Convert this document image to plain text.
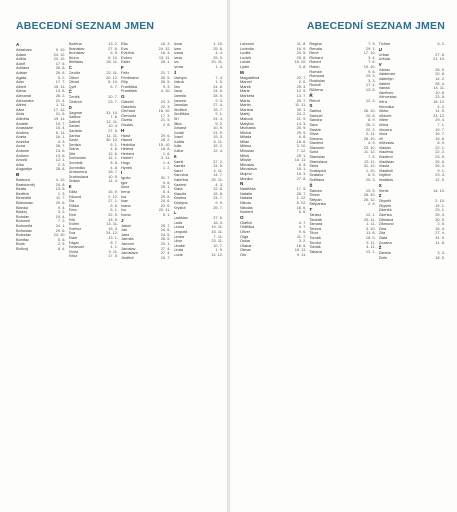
ABECEDNÍ SEZNAM JMEN
A
Abraham	9. 10.
Adam	24. 12.
Adéla	23. 12.
Adolf	17. 6.
Adriana	26. 8.
Adrian	26. 8.
Agáta	5. 2.
Alan	17. 7.
Albert	15. 11.
Alena	13. 8.
Alexandr	26. 2.
Alexandra	21. 4.
Alfréd	1. 11.
Alice	17. 12.
Alois	21. 6.
Alžběta	19. 11.
Amálie	10. 7.
Anastázie	15. 4.
Andrea	6. 11.
Aneta	16. 1.
Anežka	4. 3.
Anna	26. 7.
Antonie	13. 6.
Antonín	13. 6.
Arnošt	12. 1.
Artur	2. 3.
Augustýn	28. 8.
B
Barbora	4. 12.
Bartoloměj	24. 8.
Beáta	13. 5.
Bedřich	1. 3.
Benedikt	11. 7.
Blahoslav	29. 6.
Blanka	9. 4.
Blažej	3. 2.
Bohdan	19. 4.
Bohumil	7. 2.
Bohumila	24. 1.
Bohuslav	29. 6.
Boleslav	24. 10.
Bonifác	5. 6.
Boris	2. 5.
Bořivoj	8. 4.
Božena	13. 2.
Branislav	27. 6.
Bronislav	6. 9.
Bruno	6. 10.
Břetislav	28. 11.
C
Cecílie	22. 11.
Ctibor	20. 12.
Ctirad	8. 10.
Cyril	5. 7.
Č
Čeněk	20. 7.
Čestmír	23. 7.
D
Dagmar	31. 10.
Dalibor	7. 6.
Dalimil	12. 11.
Daniel	10. 4.
Daniela	27. 5.
Darina	11. 11.
David	30. 12.
Denisa	6. 1.
Diana	4. 8.
Dita	12. 6.
Dobroslav	14. 1.
Dominik	8. 8.
Dominika	4. 8.
Drahomíra	18. 7.
Drahoslava	10. 9.
Dušan	11. 4.
E
Edita	16. 9.
Eduard	2. 12.
Ela	27. 1.
Eliška	5. 6.
Ema	6. 1.
Emil	22. 5.
Erik	18. 5.
Evžen	13. 11.
Evelína	16. 3.
Eva	24. 12.
Ester	13. 1.
Edgar	8. 7.
Emanuel	1. 1.
Elvíra	9. 11.
Erika	17. 5.
Ella	16. 3.
Eva	24. 12.
Evelína	16. 3.
Evžen	13. 11.
Ester	26. 1.
F
Felix	21. 7.
Ferdinand	30. 5.
Filip	26. 5.
Františka	9. 3.
František	4. 10.
G
Gabriel	24. 3.
Gabriela	22. 3.
Gerhard	16. 10.
Gertruda	17. 3.
Gizela	21. 5.
Gustav	2. 8.
H
Hana	29. 6.
Hanuš	28. 2.
Hedvika	15. 10.
Helena	18. 8.
Herbert	1. 6.
Hubert	3. 11.
Hugo	1. 4.
Hynek	1. 2.
I
Ignác	31. 7.
Igor	5. 6.
Ilona	25. 1.
Irena	5. 4.
Iva	29. 8.
Ivan	24. 6.
Ivana	22. 6.
Ivo	20. 11.
Ivona	5. 1.
J
Jakub	25. 7.
Jan	24. 6.
Jana	24. 5.
Jarmila	28. 5.
Jaromír	20. 1.
Jaroslav	27. 4.
Jaroslava	27. 4.
Jindřich	15. 7.
Ilona	1. 10.
Ivan	25. 6.
Ivana	4. 4.
Iveta	25. 3.
Ivo	20. 11.
Ivona	1. 4.
J
Jáchym	7. 4.
Jakub	1. 5.
Jan	24. 6.
Jana	24. 5.
Jarmila	28. 5.
Jaromír	9. 3.
Jaroslav	27. 4.
Jindřich	15. 7.
Jindřiška	9. 1.
Jiří	24. 4.
Jitka	5. 2.
Johana	10. 9.
Jonáš	21. 9.
Josef	19. 3.
Judita	6. 11.
Julie	15. 2.
Julius	12. 4.
K
Kamil	27. 2.
Kamila	31. 5.
Karel	4. 11.
Karolína	14. 7.
Kateřina	25. 11.
Kazimír	4. 3.
Klára	12. 8.
Klaudie	15. 8.
Kristina	24. 7.
Kristýna	9. 9.
Kryštof	25. 7.
L
Ladislav	27. 6.
Lada	16. 3.
Leona	19. 11.
Leopold	15. 11.
Lenka	7. 11.
Libor	23. 11.
Libuše	10. 7.
Linda	1. 9.
Lucie	13. 12.
ABECEDNÍ SEZNAM JMEN
Lubomír	11. 8.
Ludmila	16. 9.
Luděk	24. 5.
Ludvík	25. 8.
Lukáš	18. 10.
Lýdie	3. 8.
M
Magdaléna	22. 7.
Marcel	2. 6.
Marek	25. 4.
Marie	12. 9.
Markéta	13. 7.
Marta	29. 7.
Martin	11. 11.
Martina	30. 1.
Matěj	24. 2.
Matouš	21. 9.
Matylda	14. 3.
Michaela	20. 9.
Michal	29. 9.
Milada	6. 8.
Milan	18. 6.
Milena	3. 10.
Miloslav	7. 12.
Miloš	25. 1.
Miluše	14. 11.
Miroslav	6. 3.
Miroslava	18. 1.
Mojmír	15. 3.
Monika	27. 8.
N
Naděžda	17. 9.
Natálie	28. 7.
Nataša	1. 12.
Nikola	6. 12.
Nikolas	16. 6.
Norbert	6. 6.
O
Oldřich	4. 7.
Oldřiška	4. 7.
Oliver	9. 6.
Olga	11. 7.
Oskar	3. 2.
Otakar	16. 5.
Otmar	16. 11.
Oto	9. 11.
Regina	7. 9.
Renata	29. 1.
René	17. 10.
Richard	3. 4.
Robert	7. 6.
Robin	19. 10.
Roman	9. 8.
Romana	29. 3.
Rostislav	3. 3.
Rudolf	17. 4.
Růžena	13. 8.
Ř
Řehoř	12. 3.
S
Sabina	26. 10.
Samuel	20. 8.
Sandra	8. 9.
Sára	26. 2.
Saskie	22. 2.
Silvie	5. 11.
Simona	28. 10.
Slavěna	4. 9.
Slavomír	23. 10.
Soňa	11. 12.
Stanislav	7. 5.
Stanislava	13. 11.
Stela	31. 12.
Svatopluk	1. 10.
Svatava	6. 5.
Světlana	20. 3.
Š
Šarlota	13. 5.
Šimon	28. 10.
Štěpán	26. 12.
Štěpánka	2. 9.
T
Taťána	12. 1.
Tadeáš	26. 11.
Tamara	1. 11.
Tereza	3. 10.
Tibor	11. 8.
Tomáš	18. 9.
Teodor	9. 11.
Tobiáš	4. 11.
Tatiana	12. 1.
Tichon	5. 2.
U
Urban	27. 6.
Uršula	21. 10.
V
Václav	28. 9.
Valdemar	20. 8.
Valentýn	14. 2.
Valérie	28. 4.
Vanda	14. 11.
Vavřinec	10. 8.
Věnceslav	23. 8.
Věra	18. 12.
Veronika	4. 2.
Viktor	11. 9.
Viktorie	23. 12.
Vilém	29. 4.
Vilma	7. 1.
Vincenc	19. 7.
Viola	16. 7.
Vít	15. 6.
Vítězslav	8. 9.
Vladan	22. 1.
Vladěna	22. 2.
Vladimír	23. 5.
Vladislav	25. 6.
Vlasta	26. 4.
Vlastimil	9. 1.
Vojtěch	23. 4.
Vratislav	12. 5.
X
Xenie	14. 10.
Z
Zbyněk	2. 10.
Zbyšek	15. 1.
Zdeněk	23. 1.
Zdenka	25. 3.
Zdislava	30. 5.
Zikmund	2. 5.
Zina	16. 4.
Zita	27. 4.
Zlata	31. 5.
Zuzana	11. 8.
Ž
Žaneta	3. 3.
Žofie	18. 5.
